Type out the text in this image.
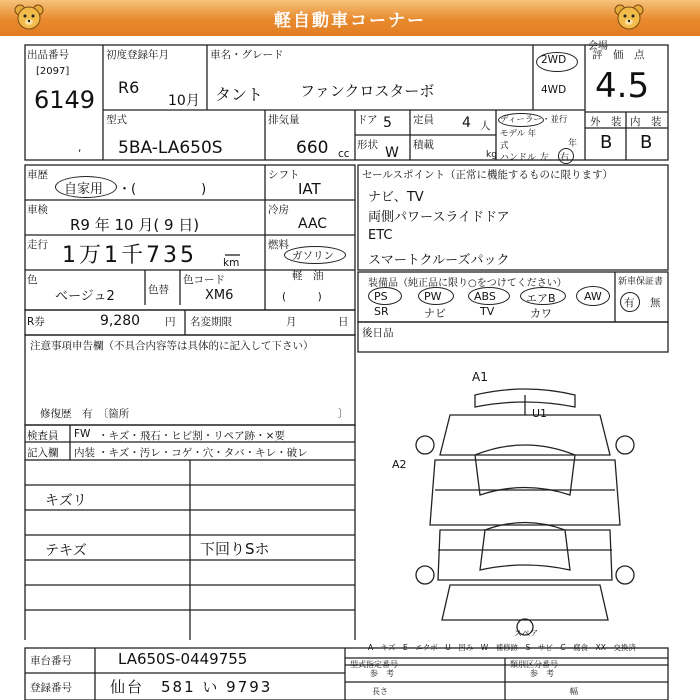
軽自動車コーナー
会場
出品番号
[2097]
6149
初度登録年月
R6
10月
車名・グレード
タント ファンクロスターボ
2WD
4WD
評　価　点
4.5
外　装 内　装
B B
型式
5BA-LA650S
,
排気量
660 cc
ドア 5 定員 4 人
形状 W 積載
kg
ディーラー・並行
モデル 年式	年
ハンドル 左 右
車歴
自家用 ・(　　　　　)
シフト
IAT
車検
R9 年 10 月( 9 日)
冷房
AAC
走行 1万1千735 km
燃料
ガソリン
軽　油
(　　　)
色
ベージュ2	色替
色コード
XM6
R券	9,280 円 名変期限	月	日
セールスポイント（正常に機能するものに限ります）
ナビ、TV
両側パワースライドドア
ETC
スマートクルーズパック
装備品（純正品に限り○をつけてください）
PS	PW	ABS	エアB	AW
SR	ナビ	TV	カワ
新車保証書
有 無
後日品
注意事項申告欄（不具合内容等は具体的に記入して下さい）
修復歴　有　〔箇所	〕
検査員
記入欄
FW ・キズ・飛石・ヒビ割・リペア跡・×要
内装 ・キズ・汚レ・コゲ・穴・タバ・キレ・破レ
キズリ
テキズ	下回りSホ
A1
U1
A2
スペア
A―キズ　E―エクボ　U―凹み　W―補修跡　S―サビ　C―腐食　XX―交換済
車台番号	LA650S-0449755
登録番号	仙台　581 い 9793
型式指定番号
参　考
類別区分番号
参　考
長さ	幅
